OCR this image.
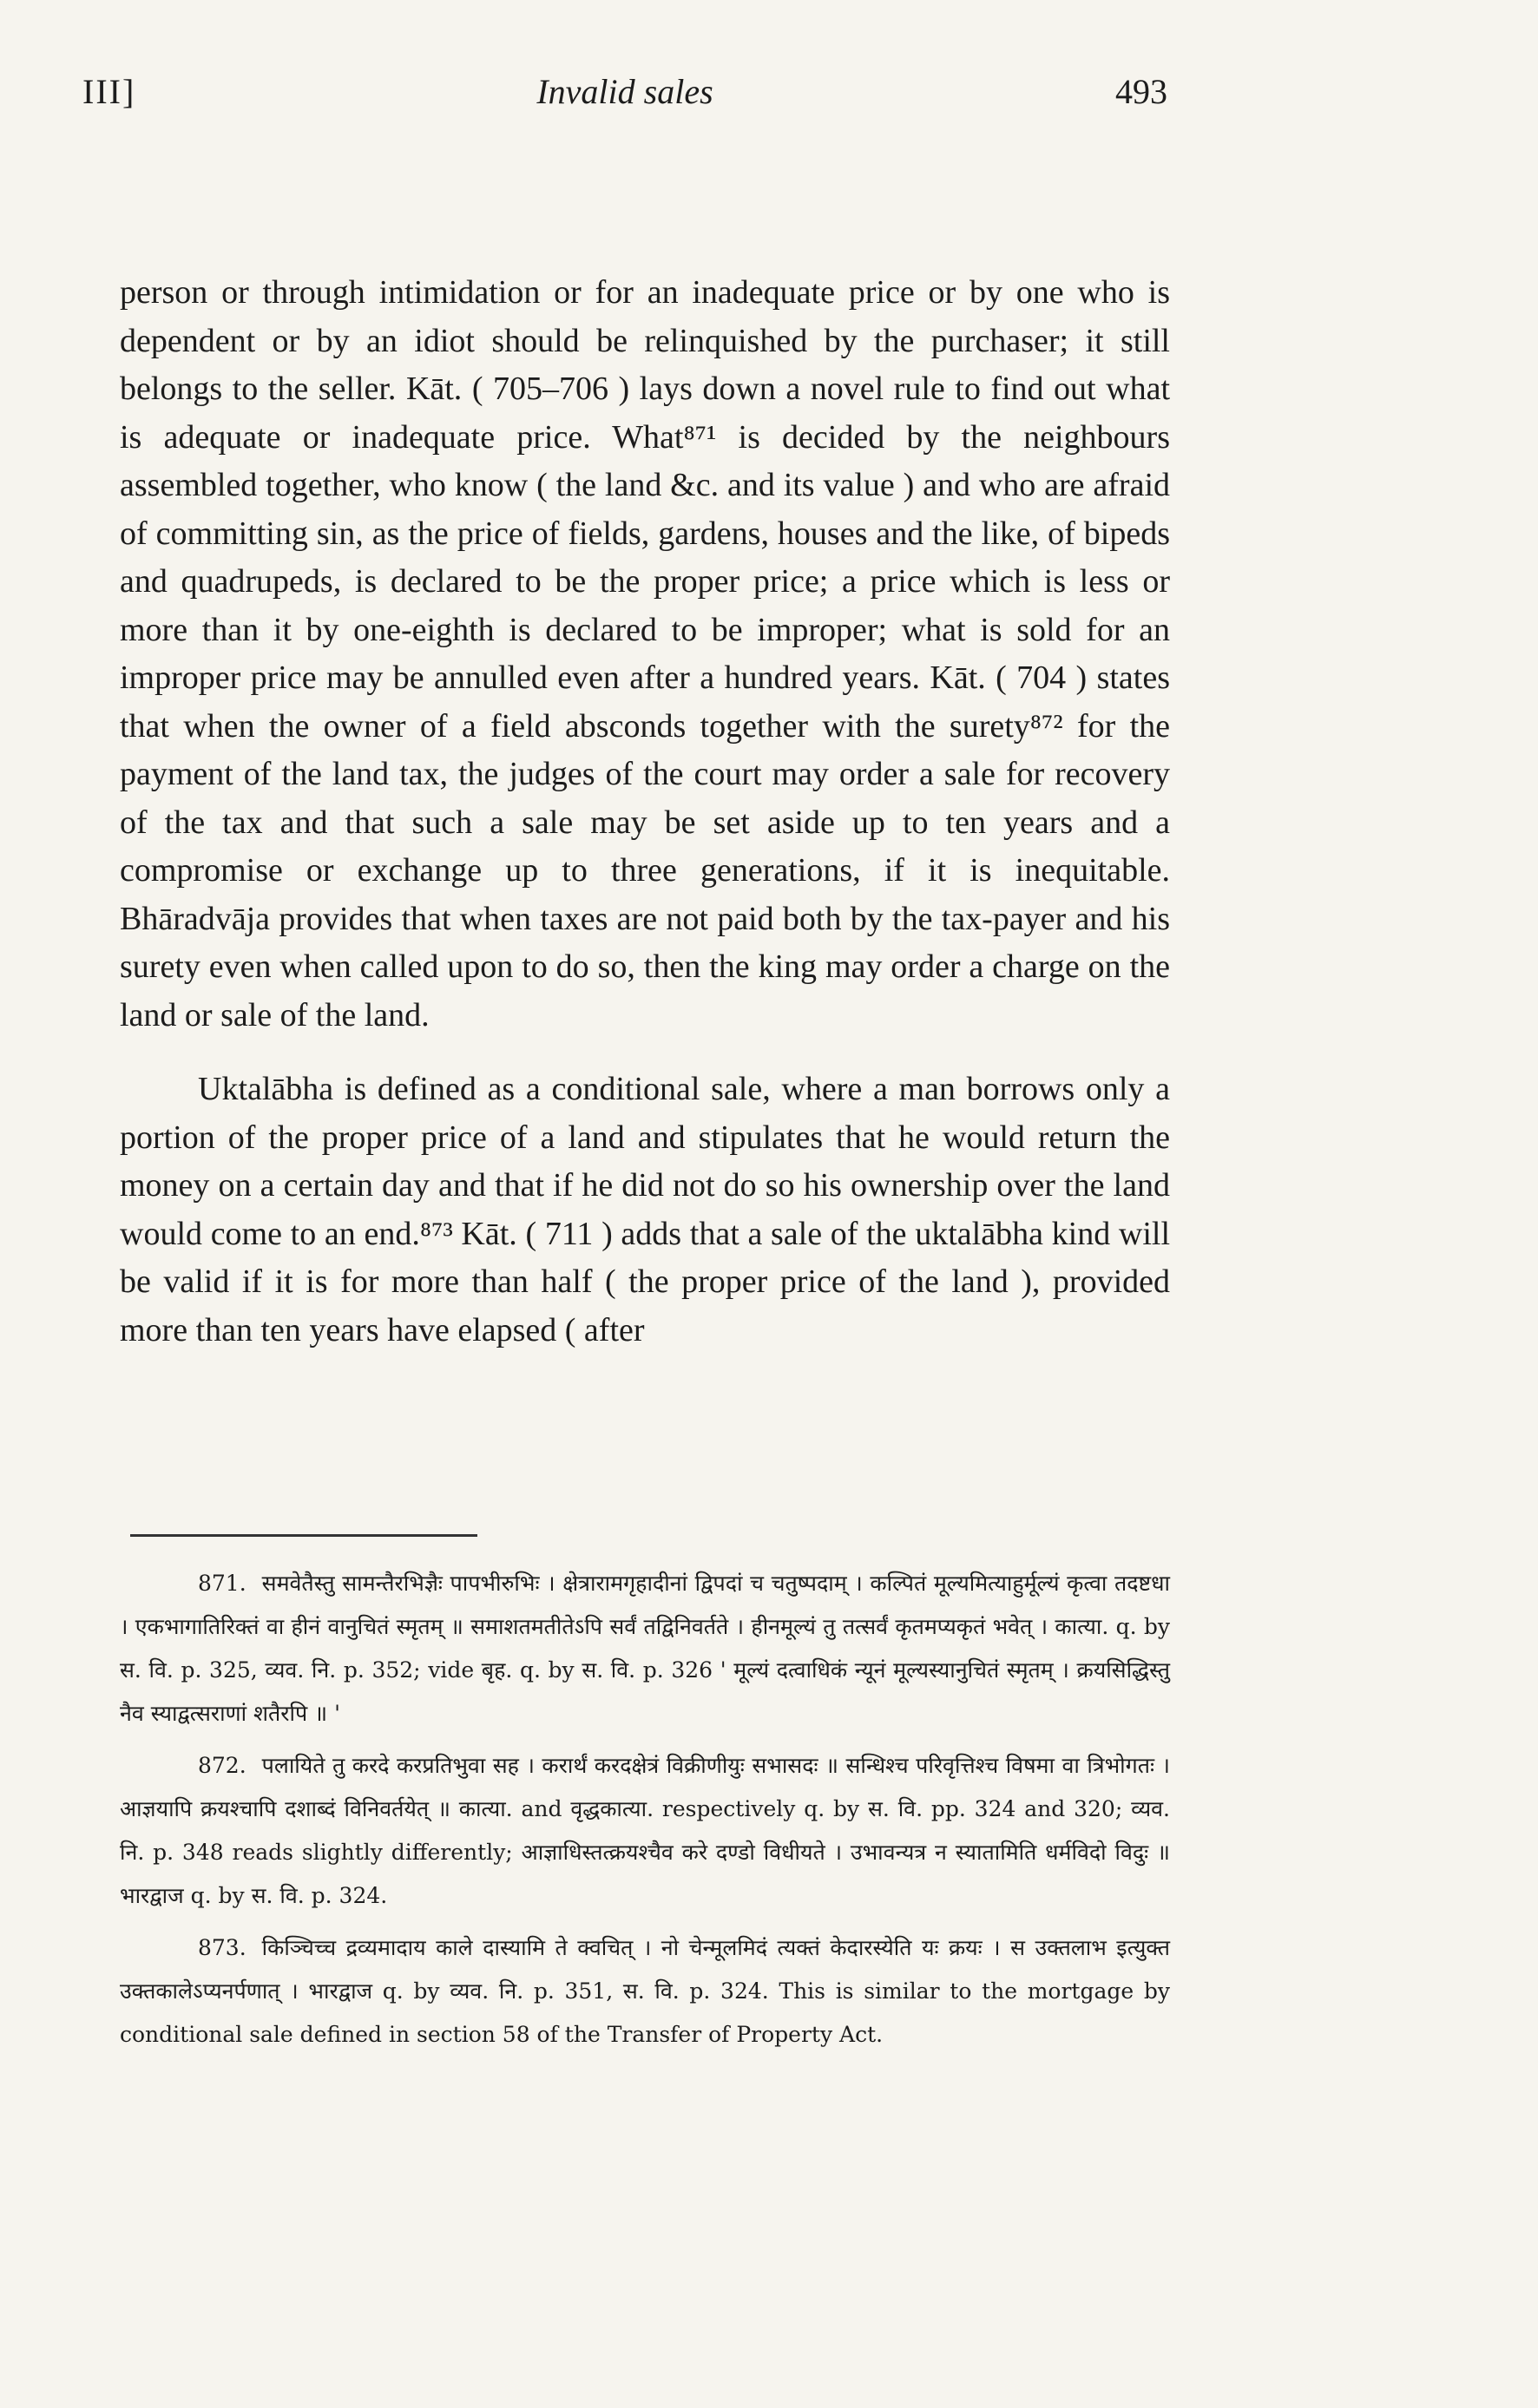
III]	Invalid sales	493

person or through intimidation or for an inadequate price or by one who is dependent or by an idiot should be relinquished by the purchaser; it still belongs to the seller. Kāt. ( 705–706 ) lays down a novel rule to find out what is adequate or inadequate price. What⁸⁷¹ is decided by the neighbours assembled together, who know ( the land &c. and its value ) and who are afraid of committing sin, as the price of fields, gardens, houses and the like, of bipeds and quadrupeds, is declared to be the proper price; a price which is less or more than it by one-eighth is declared to be improper; what is sold for an improper price may be annulled even after a hundred years. Kāt. ( 704 ) states that when the owner of a field absconds together with the surety⁸⁷² for the payment of the land tax, the judges of the court may order a sale for recovery of the tax and that such a sale may be set aside up to ten years and a compromise or exchange up to three generations, if it is inequitable. Bhāradvāja provides that when taxes are not paid both by the tax-payer and his surety even when called upon to do so, then the king may order a charge on the land or sale of the land.

Uktalābha is defined as a conditional sale, where a man borrows only a portion of the proper price of a land and stipulates that he would return the money on a certain day and that if he did not do so his ownership over the land would come to an end.⁸⁷³ Kāt. ( 711 ) adds that a sale of the uktalābha kind will be valid if it is for more than half ( the proper price of the land ), provided more than ten years have elapsed ( after

871. समवेतैस्तु सामन्तैरभिज्ञैः पापभीरुभिः । क्षेत्रारामगृहादीनां द्विपदां च चतुष्पदाम् । कल्पितं मूल्यमित्याहुर्मूल्यं कृत्वा तदष्टधा । एकभागातिरिक्तं वा हीनं वानुचितं स्मृतम् ॥ समाशतमतीतेऽपि सर्वं तद्विनिवर्तते । हीनमूल्यं तु तत्सर्वं कृतमप्यकृतं भवेत् । कात्या. q. by स. वि. p. 325, व्यव. नि. p. 352; vide बृह. q. by स. वि. p. 326 ' मूल्यं दत्वाधिकं न्यूनं मूल्यस्यानुचितं स्मृतम् । क्रयसिद्धिस्तु नैव स्याद्वत्सराणां शतैरपि ॥ '

872. पलायिते तु करदे करप्रतिभुवा सह । करार्थं करदक्षेत्रं विक्रीणीयुः सभासदः ॥ सन्धिश्च परिवृत्तिश्च विषमा वा त्रिभोगतः । आज्ञयापि क्रयश्चापि दशाब्दं विनिवर्तयेत् ॥ कात्या. and वृद्धकात्या. respectively q. by स. वि. pp. 324 and 320; व्यव. नि. p. 348 reads slightly differently; आज्ञाधिस्तत्क्रयश्चैव करे दण्डो विधीयते । उभावन्यत्र न स्यातामिति धर्मविदो विदुः ॥ भारद्वाज q. by स. वि. p. 324.

873. किञ्चिच्च द्रव्यमादाय काले दास्यामि ते क्वचित् । नो चेन्मूलमिदं त्यक्तं केदारस्येति यः क्रयः । स उक्तलाभ इत्युक्त उक्तकालेऽप्यनर्पणात् । भारद्वाज q. by व्यव. नि. p. 351, स. वि. p. 324. This is similar to the mortgage by conditional sale defined in section 58 of the Transfer of Property Act.
